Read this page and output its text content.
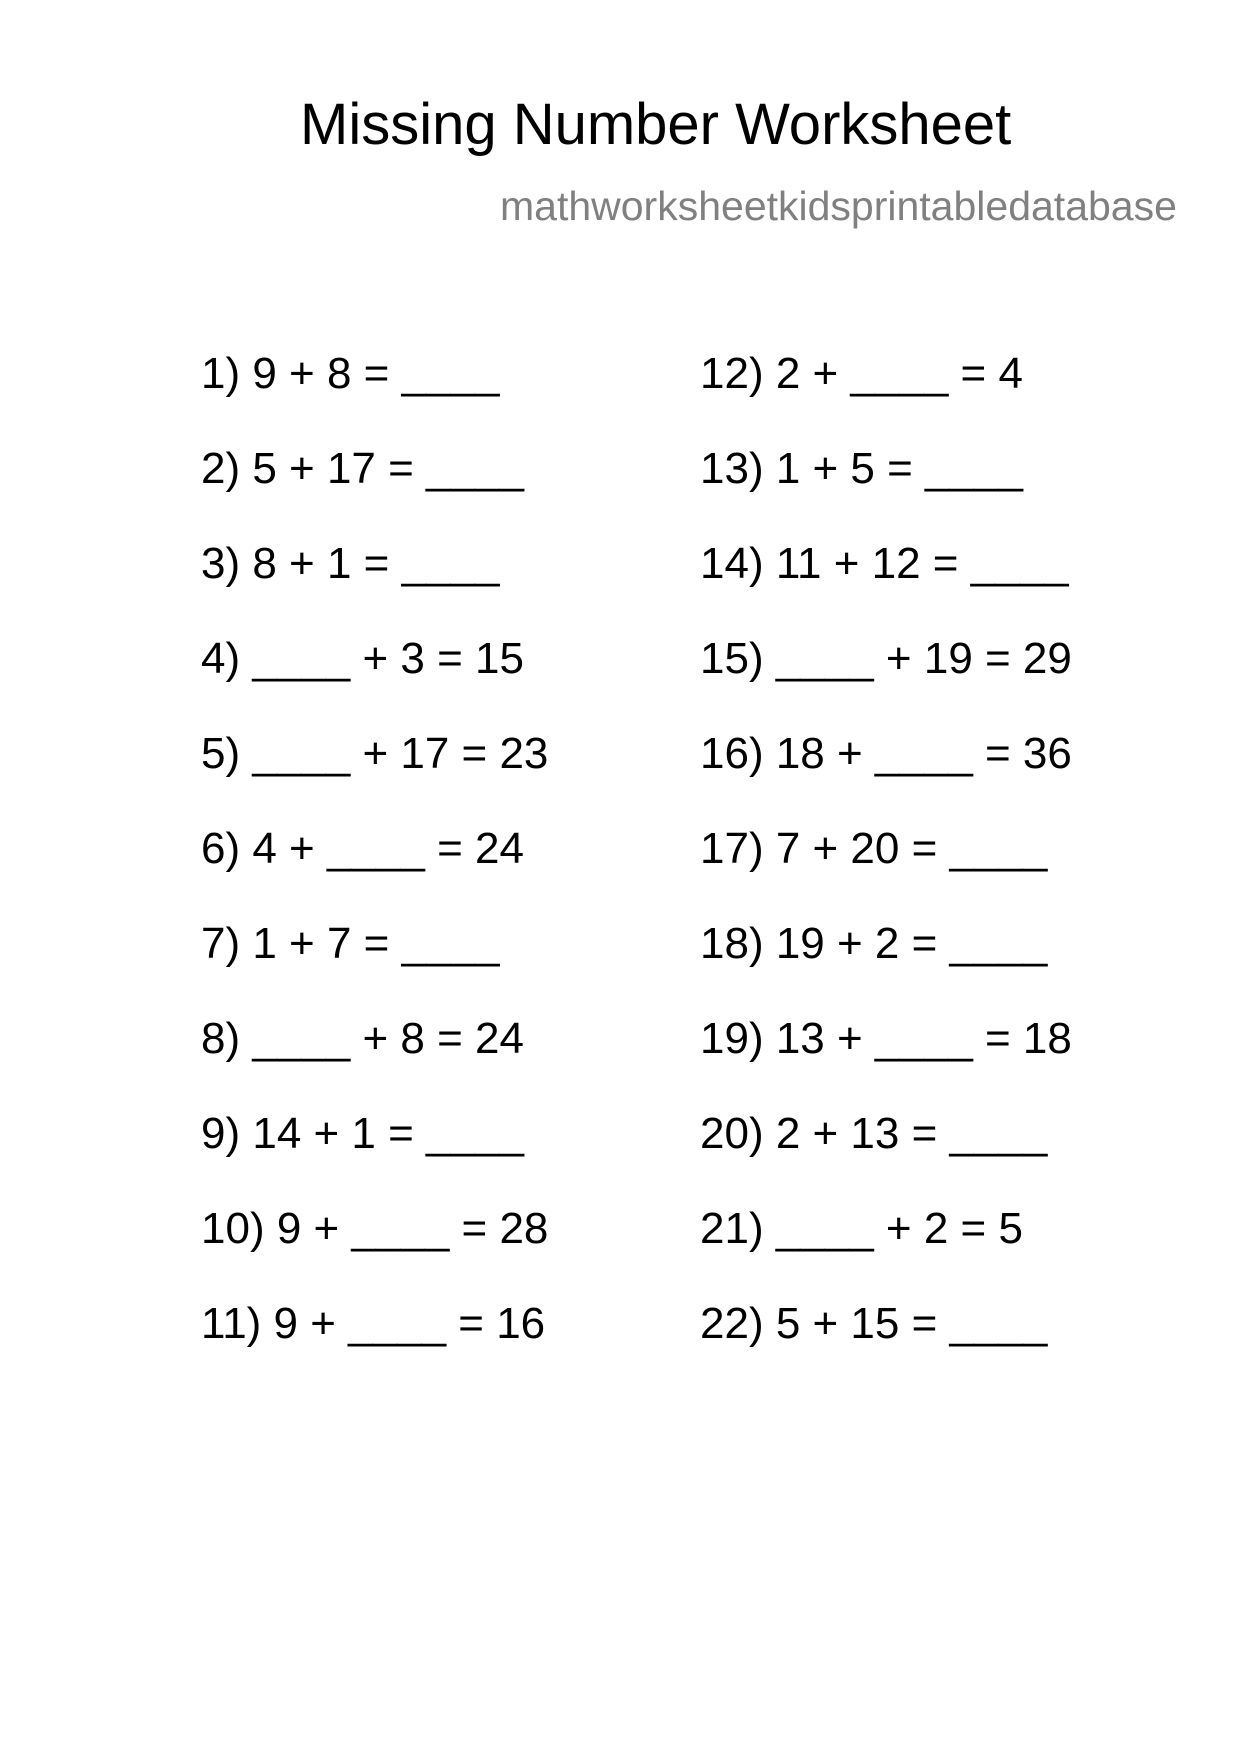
Missing Number Worksheet
mathworksheetkidsprintabledatabase
1) 9 + 8 = ____
2) 5 + 17 = ____
3) 8 + 1 = ____
4) ____ + 3 = 15
5) ____ + 17 = 23
6) 4 + ____ = 24
7) 1 + 7 = ____
8) ____ + 8 = 24
9) 14 + 1 = ____
10) 9 + ____ = 28
11) 9 + ____ = 16
12) 2 + ____ = 4
13) 1 + 5 = ____
14) 11 + 12 = ____
15) ____ + 19 = 29
16) 18 + ____ = 36
17) 7 + 20 = ____
18) 19 + 2 = ____
19) 13 + ____ = 18
20) 2 + 13 = ____
21) ____ + 2 = 5
22) 5 + 15 = ____
